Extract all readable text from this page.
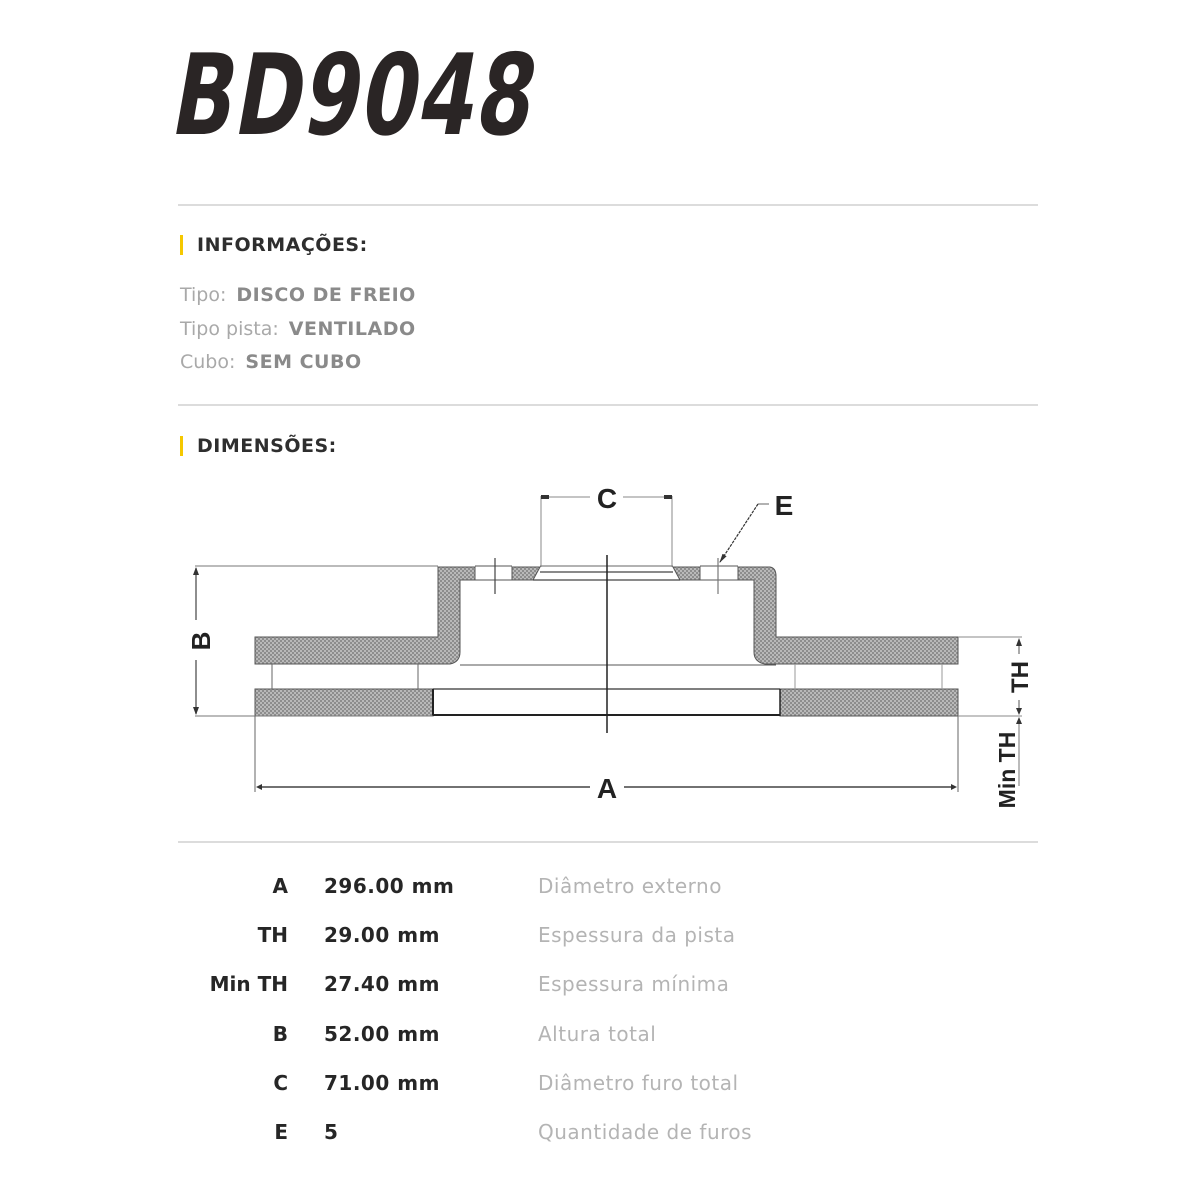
BD9048
INFORMAÇÕES:
Tipo: DISCO DE FREIO
Tipo pista: VENTILADO
Cubo: SEM CUBO
DIMENSÕES:
C	E
B
A
TH
Min TH
A 296.00 mm	Diâmetro externo
TH 29.00 mm	Espessura da pista
Min TH 27.40 mm	Espessura mínima
B 52.00 mm	Altura total
C 71.00 mm	Diâmetro furo total
E 5	Quantidade de furos
